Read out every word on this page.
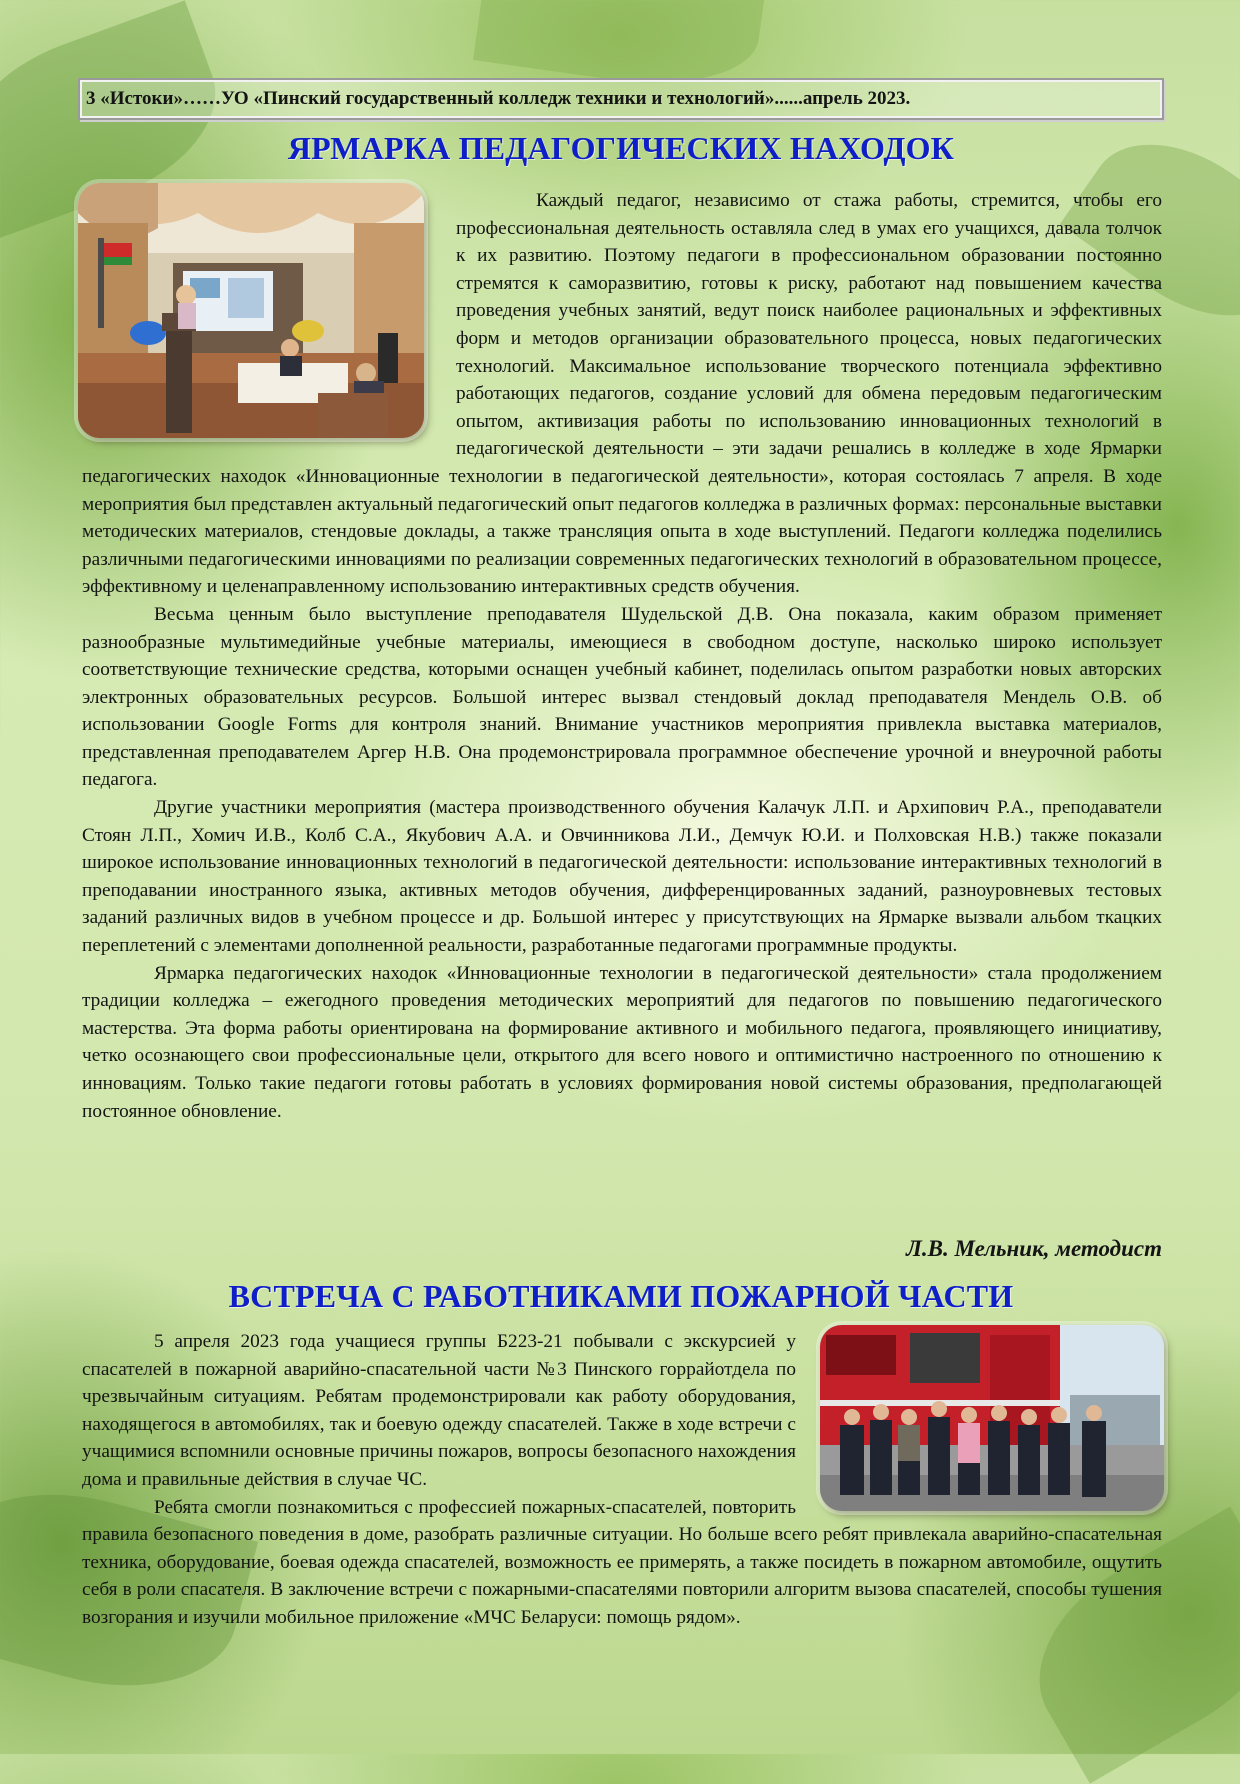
3 «Истоки»……УО «Пинский государственный колледж техники и технологий»......апрель 2023.
ЯРМАРКА ПЕДАГОГИЧЕСКИХ НАХОДОК

Каждый педагог, независимо от стажа работы, стремится, чтобы его профессиональная деятельность оставляла след в умах его учащихся, давала толчок к их развитию. Поэтому педагоги в профессиональном образовании постоянно стремятся к саморазвитию, готовы к риску, работают над повышением качества проведения учебных занятий, ведут поиск наиболее рациональных и эффективных форм и методов организации образовательного процесса, новых педагогических технологий. Максимальное использование творческого потенциала эффективно работающих педагогов, создание условий для обмена передовым педагогическим опытом, активизация работы по использованию инновационных технологий в педагогической деятельности – эти задачи решались в колледже в ходе Ярмарки педагогических находок «Инновационные технологии в педагогической деятельности», которая состоялась 7 апреля. В ходе мероприятия был представлен актуальный педагогический опыт педагогов колледжа в различных формах: персональные выставки методических материалов, стендовые доклады, а также трансляция опыта в ходе выступлений. Педагоги колледжа поделились различными педагогическими инновациями по реализации современных педагогических технологий в образовательном процессе, эффективному и целенаправленному использованию интерактивных средств обучения.

Весьма ценным было выступление преподавателя Шудельской Д.В. Она показала, каким образом применяет разнообразные мультимедийные учебные материалы, имеющиеся в свободном доступе, насколько широко использует соответствующие технические средства, которыми оснащен учебный кабинет, поделилась опытом разработки новых авторских электронных образовательных ресурсов. Большой интерес вызвал стендовый доклад преподавателя Мендель О.В. об использовании Google Forms для контроля знаний. Внимание участников мероприятия привлекла выставка материалов, представленная преподавателем Аргер Н.В. Она продемонстрировала программное обеспечение урочной и внеурочной работы педагога.

Другие участники мероприятия (мастера производственного обучения Калачук Л.П. и Архипович Р.А., преподаватели Стоян Л.П., Хомич И.В., Колб С.А., Якубович А.А. и Овчинникова Л.И., Демчук Ю.И. и Полховская Н.В.) также показали широкое использование инновационных технологий в педагогической деятельности: использование интерактивных технологий в преподавании иностранного языка, активных методов обучения, дифференцированных заданий, разноуровневых тестовых заданий различных видов в учебном процессе и др. Большой интерес у присутствующих на Ярмарке вызвали альбом ткацких переплетений с элементами дополненной реальности, разработанные педагогами программные продукты.

Ярмарка педагогических находок «Инновационные технологии в педагогической деятельности» стала продолжением традиции колледжа – ежегодного проведения методических мероприятий для педагогов по повышению педагогического мастерства. Эта форма работы ориентирована на формирование активного и мобильного педагога, проявляющего инициативу, четко осознающего свои профессиональные цели, открытого для всего нового и оптимистично настроенного по отношению к инновациям. Только такие педагоги готовы работать в условиях формирования новой системы образования, предполагающей постоянное обновление.

Л.В. Мельник, методист
ВСТРЕЧА С РАБОТНИКАМИ ПОЖАРНОЙ ЧАСТИ

5 апреля 2023 года учащиеся группы Б223-21 побывали с экскурсией у спасателей в пожарной аварийно-спасательной части №3 Пинского горрайотдела по чрезвычайным ситуациям. Ребятам продемонстрировали как работу оборудования, находящегося в автомобилях, так и боевую одежду спасателей. Также в ходе встречи с учащимися вспомнили основные причины пожаров, вопросы безопасного нахождения дома и правильные действия в случае ЧС.

Ребята смогли познакомиться с профессией пожарных-спасателей, повторить правила безопасного поведения в доме, разобрать различные ситуации. Но больше всего ребят привлекала аварийно-спасательная техника, оборудование, боевая одежда спасателей, возможность ее примерять, а также посидеть в пожарном автомобиле, ощутить себя в роли спасателя. В заключение встречи с пожарными-спасателями повторили алгоритм вызова спасателей, способы тушения возгорания и изучили мобильное приложение «МЧС Беларуси: помощь рядом».
